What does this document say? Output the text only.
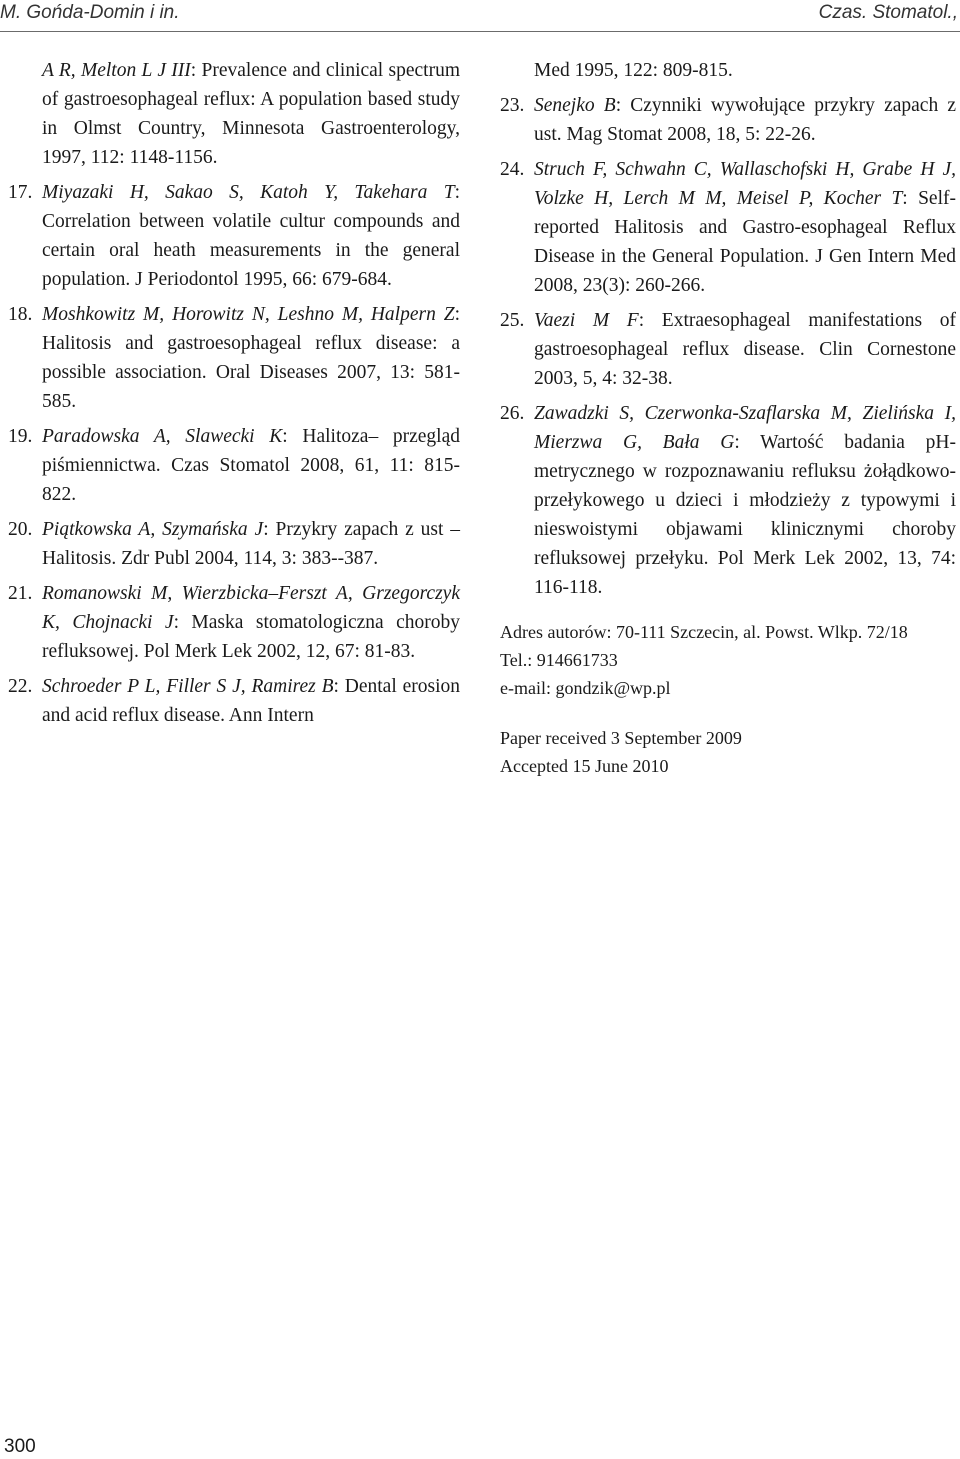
M. Gońda-Domin i in.	Czas. Stomatol.,
A R, Melton L J III: Prevalence and clinical spectrum of gastroesophageal reflux: A population based study in Olmst Country, Minnesota Gastroenterology, 1997, 112: 1148-1156.
17. Miyazaki H, Sakao S, Katoh Y, Takehara T: Correlation between volatile cultur compounds and certain oral heath measurements in the general population. J Periodontol 1995, 66: 679-684.
18. Moshkowitz M, Horowitz N, Leshno M, Halpern Z: Halitosis and gastroesophageal reflux disease: a possible association. Oral Diseases 2007, 13: 581-585.
19. Paradowska A, Slawecki K: Halitoza– przegląd piśmiennictwa. Czas Stomatol 2008, 61, 11: 815-822.
20. Piątkowska A, Szymańska J: Przykry zapach z ust – Halitosis. Zdr Publ 2004, 114, 3: 383--387.
21. Romanowski M, Wierzbicka–Ferszt A, Grzegorczyk K, Chojnacki J: Maska stomatologiczna choroby refluksowej. Pol Merk Lek 2002, 12, 67: 81-83.
22. Schroeder P L, Filler S J, Ramirez B: Dental erosion and acid reflux disease. Ann Intern
Med 1995, 122: 809-815.
23. Senejko B: Czynniki wywołujące przykry zapach z ust. Mag Stomat 2008, 18, 5: 22-26.
24. Struch F, Schwahn C, Wallaschofski H, Grabe H J, Volzke H, Lerch M M, Meisel P, Kocher T: Self-reported Halitosis and Gastro-esophageal Reflux Disease in the General Population. J Gen Intern Med 2008, 23(3): 260-266.
25. Vaezi M F: Extraesophageal manifestations of gastroesophageal reflux disease. Clin Cornestone 2003, 5, 4: 32-38.
26. Zawadzki S, Czerwonka-Szaflarska M, Zielińska I, Mierzwa G, Bała G: Wartość badania pH-metrycznego w rozpoznawaniu refluksu żołądkowo-przełykowego u dzieci i młodzieży z typowymi i nieswoistymi objawami klinicznymi choroby refluksowej przełyku. Pol Merk Lek 2002, 13, 74: 116-118.
Adres autorów: 70-111 Szczecin, al. Powst. Wlkp. 72/18
Tel.: 914661733
e-mail: gondzik@wp.pl
Paper received 3 September 2009
Accepted 15 June 2010
300
